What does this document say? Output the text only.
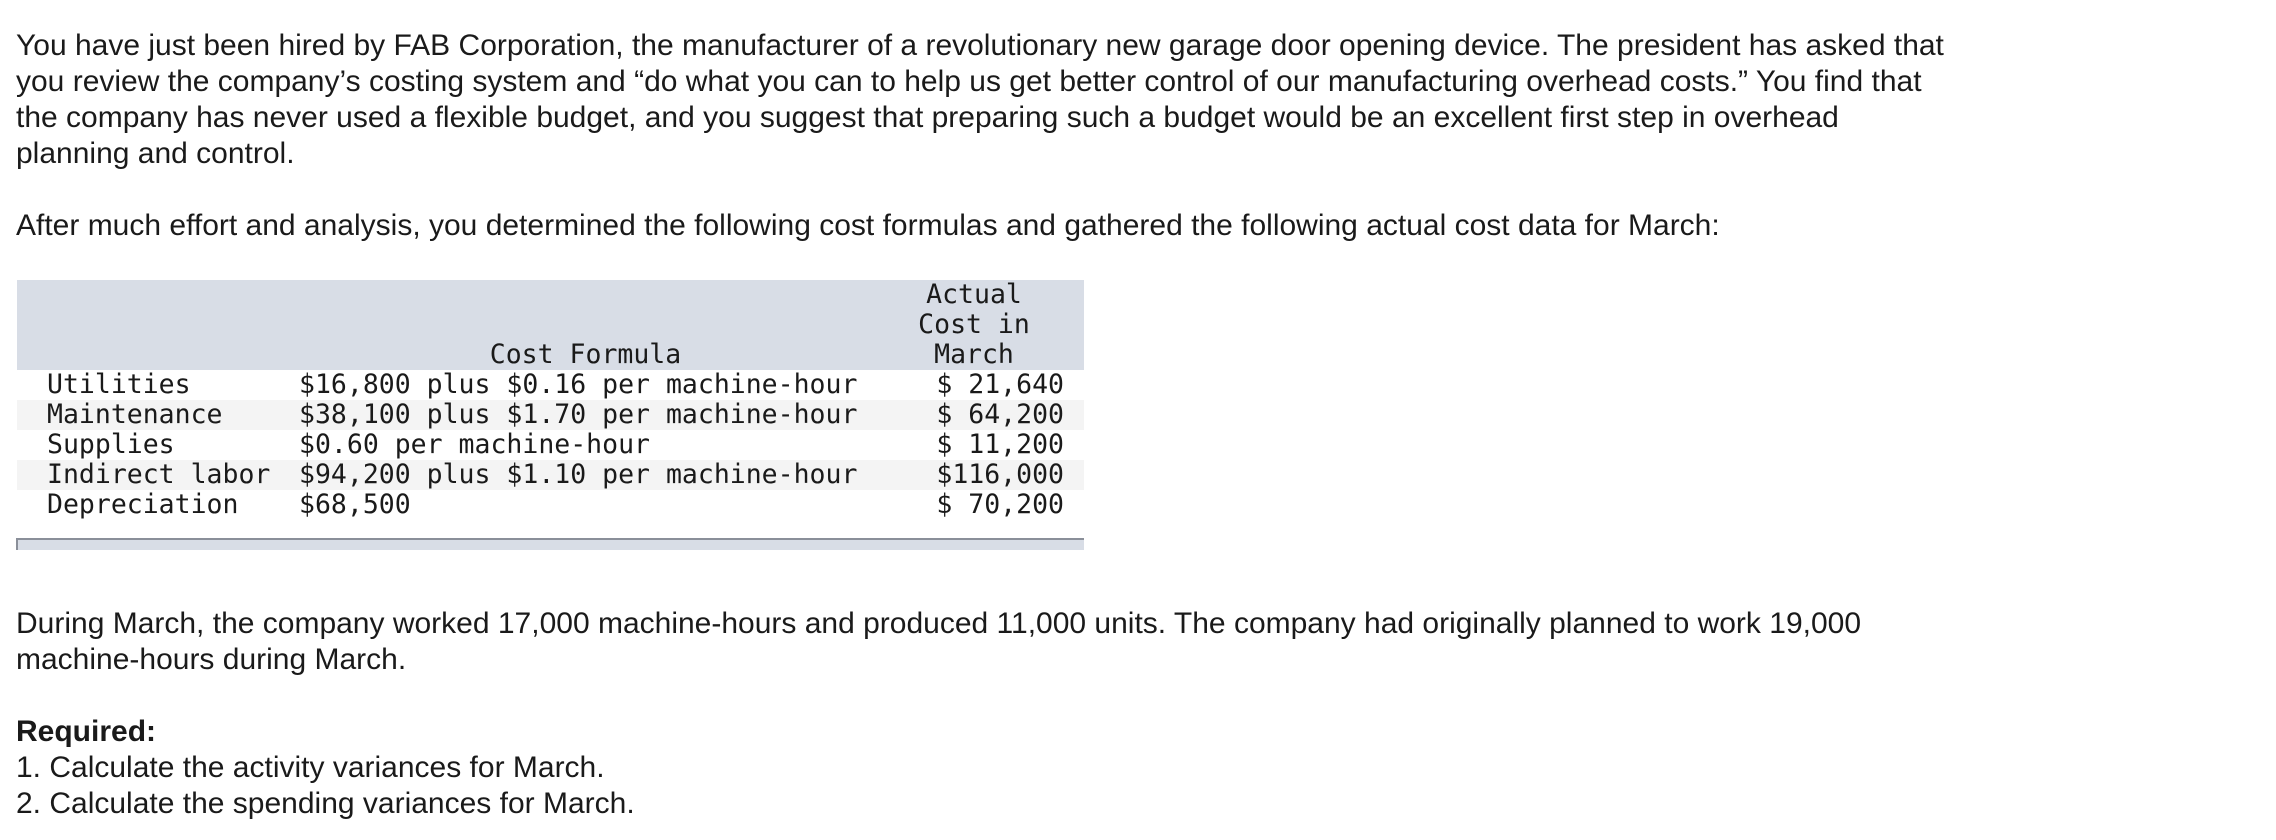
You have just been hired by FAB Corporation, the manufacturer of a revolutionary new garage door opening device. The president has asked that you review the company’s costing system and “do what you can to help us get better control of our manufacturing overhead costs.” You find that the company has never used a flexible budget, and you suggest that preparing such a budget would be an excellent first step in overhead planning and control.

After much effort and analysis, you determined the following cost formulas and gathered the following actual cost data for March:

	Cost Formula	Actual
Cost in
March

Utilities	$16,800 plus $0.16 per machine-hour	$ 21,640
Maintenance	$38,100 plus $1.70 per machine-hour	$ 64,200
Supplies	$0.60 per machine-hour	$ 11,200
Indirect labor	$94,200 plus $1.10 per machine-hour	$116,000
Depreciation	$68,500	$ 70,200

During March, the company worked 17,000 machine-hours and produced 11,000 units. The company had originally planned to work 19,000 machine-hours during March.

Required:

1. Calculate the activity variances for March.

2. Calculate the spending variances for March.
